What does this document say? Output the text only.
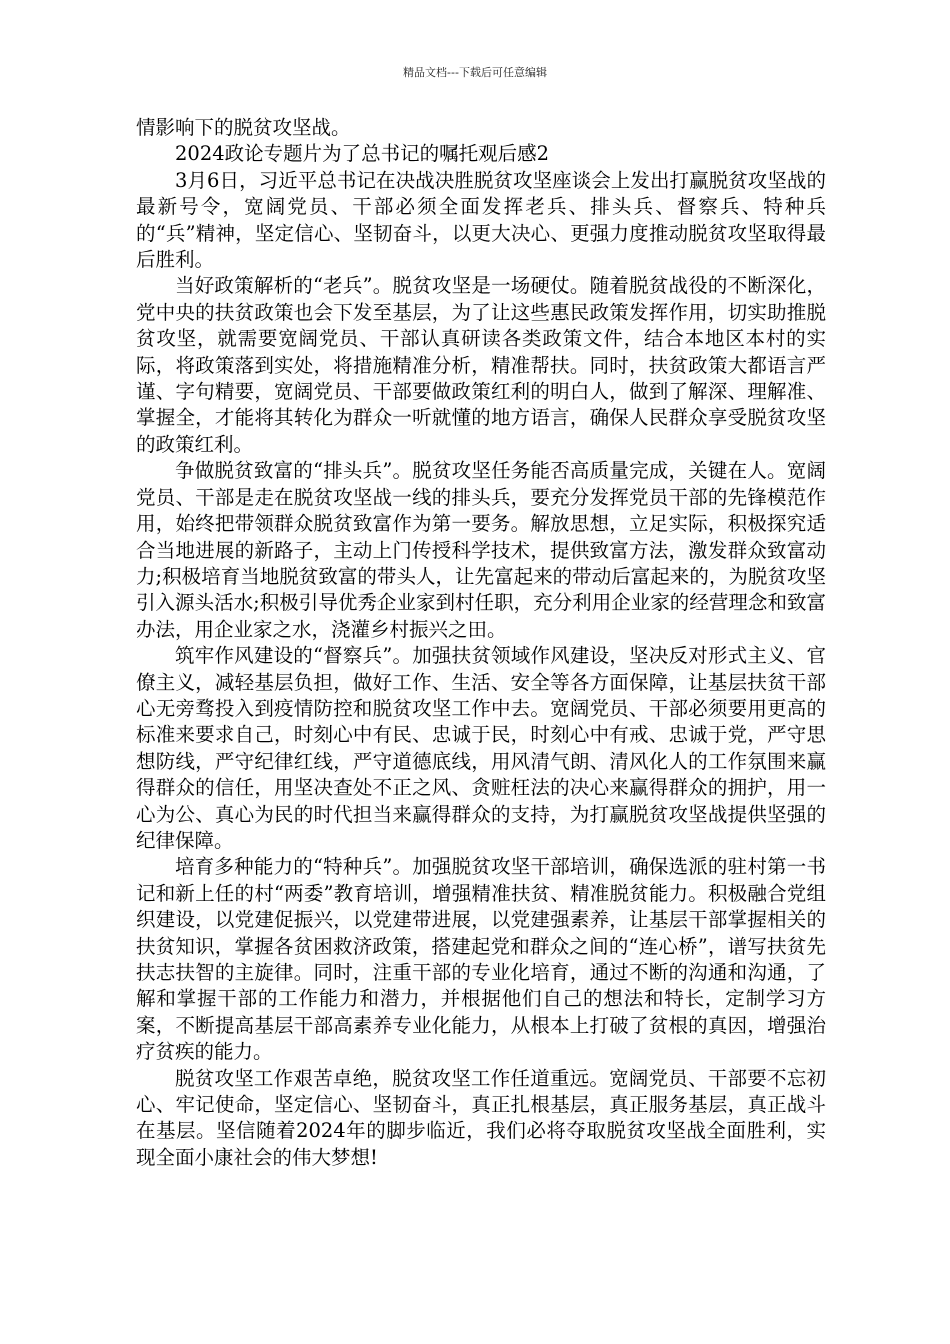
精品文档---下载后可任意编辑

情影响下的脱贫攻坚战。

2024政论专题片为了总书记的嘱托观后感2

3月6日，习近平总书记在决战决胜脱贫攻坚座谈会上发出打赢脱贫攻坚战的最新号令，宽阔党员、干部必须全面发挥老兵、排头兵、督察兵、特种兵的“兵”精神，坚定信心、坚韧奋斗，以更大决心、更强力度推动脱贫攻坚取得最后胜利。

当好政策解析的“老兵”。脱贫攻坚是一场硬仗。随着脱贫战役的不断深化，党中央的扶贫政策也会下发至基层，为了让这些惠民政策发挥作用，切实助推脱贫攻坚，就需要宽阔党员、干部认真研读各类政策文件，结合本地区本村的实际，将政策落到实处，将措施精准分析，精准帮扶。同时，扶贫政策大都语言严谨、字句精要，宽阔党员、干部要做政策红利的明白人，做到了解深、理解准、掌握全，才能将其转化为群众一听就懂的地方语言，确保人民群众享受脱贫攻坚的政策红利。

争做脱贫致富的“排头兵”。脱贫攻坚任务能否高质量完成，关键在人。宽阔党员、干部是走在脱贫攻坚战一线的排头兵，要充分发挥党员干部的先锋模范作用，始终把带领群众脱贫致富作为第一要务。解放思想，立足实际，积极探究适合当地进展的新路子，主动上门传授科学技术，提供致富方法，激发群众致富动力;积极培育当地脱贫致富的带头人，让先富起来的带动后富起来的，为脱贫攻坚引入源头活水;积极引导优秀企业家到村任职，充分利用企业家的经营理念和致富办法，用企业家之水，浇灌乡村振兴之田。

筑牢作风建设的“督察兵”。加强扶贫领域作风建设，坚决反对形式主义、官僚主义，减轻基层负担，做好工作、生活、安全等各方面保障，让基层扶贫干部心无旁骛投入到疫情防控和脱贫攻坚工作中去。宽阔党员、干部必须要用更高的标准来要求自己，时刻心中有民、忠诚于民，时刻心中有戒、忠诚于党，严守思想防线，严守纪律红线，严守道德底线，用风清气朗、清风化人的工作氛围来赢得群众的信任，用坚决查处不正之风、贪赃枉法的决心来赢得群众的拥护，用一心为公、真心为民的时代担当来赢得群众的支持，为打赢脱贫攻坚战提供坚强的纪律保障。

培育多种能力的“特种兵”。加强脱贫攻坚干部培训，确保选派的驻村第一书记和新上任的村“两委”教育培训，增强精准扶贫、精准脱贫能力。积极融合党组织建设，以党建促振兴，以党建带进展，以党建强素养，让基层干部掌握相关的扶贫知识，掌握各贫困救济政策，搭建起党和群众之间的“连心桥”，谱写扶贫先扶志扶智的主旋律。同时，注重干部的专业化培育，通过不断的沟通和沟通，了解和掌握干部的工作能力和潜力，并根据他们自己的想法和特长，定制学习方案，不断提高基层干部高素养专业化能力，从根本上打破了贫根的真因，增强治疗贫疾的能力。

脱贫攻坚工作艰苦卓绝，脱贫攻坚工作任道重远。宽阔党员、干部要不忘初心、牢记使命，坚定信心、坚韧奋斗，真正扎根基层，真正服务基层，真正战斗在基层。坚信随着2024年的脚步临近，我们必将夺取脱贫攻坚战全面胜利，实现全面小康社会的伟大梦想!
